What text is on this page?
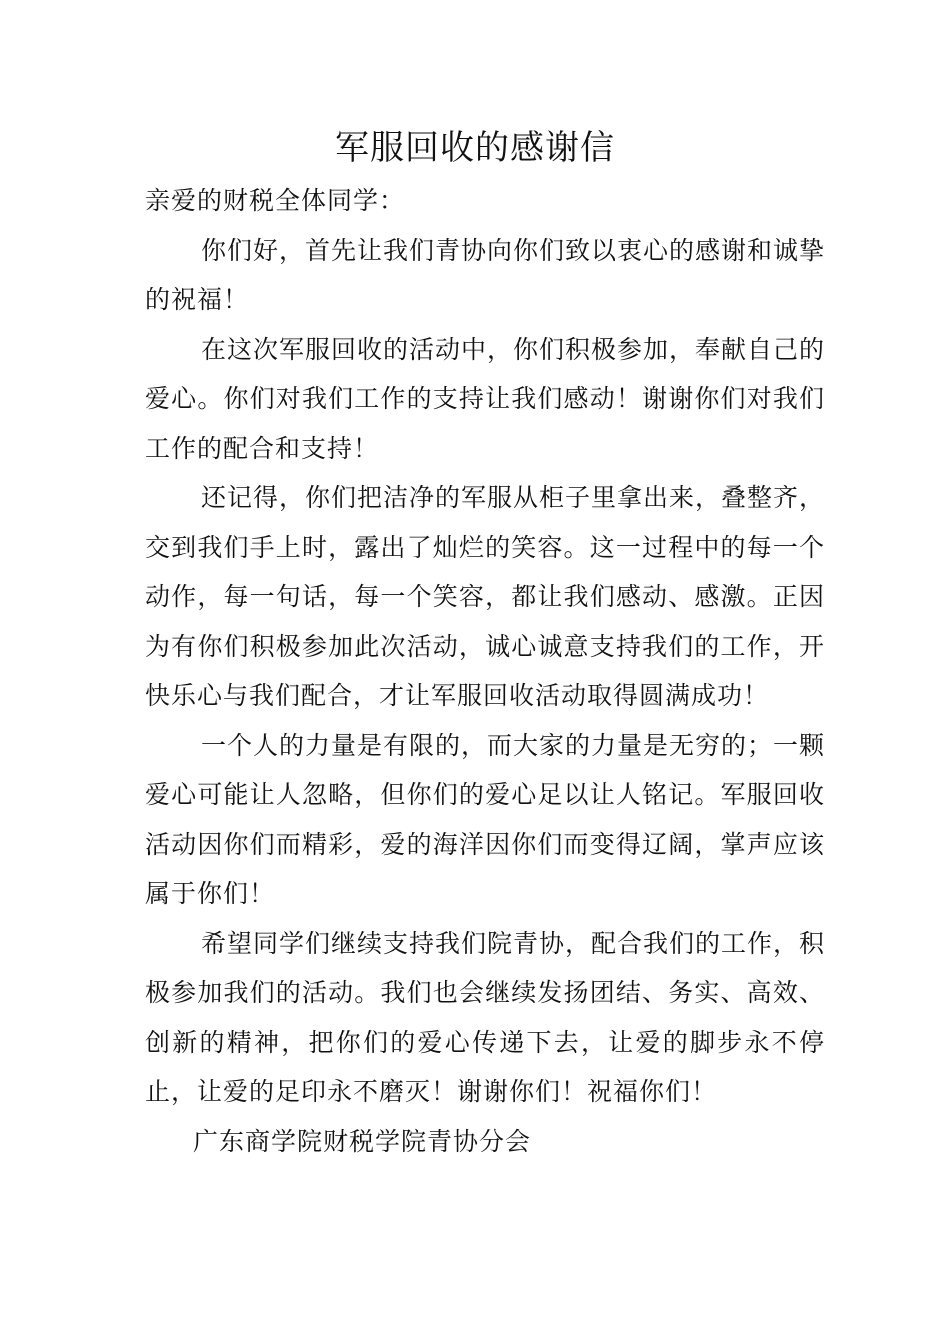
军服回收的感谢信

亲爱的财税全体同学：

你们好，首先让我们青协向你们致以衷心的感谢和诚挚的祝福！

在这次军服回收的活动中，你们积极参加，奉献自己的爱心。你们对我们工作的支持让我们感动！谢谢你们对我们工作的配合和支持！

还记得，你们把洁净的军服从柜子里拿出来，叠整齐，交到我们手上时，露出了灿烂的笑容。这一过程中的每一个动作，每一句话，每一个笑容，都让我们感动、感激。正因为有你们积极参加此次活动，诚心诚意支持我们的工作，开快乐心与我们配合，才让军服回收活动取得圆满成功！

一个人的力量是有限的，而大家的力量是无穷的；一颗爱心可能让人忽略，但你们的爱心足以让人铭记。军服回收活动因你们而精彩，爱的海洋因你们而变得辽阔，掌声应该属于你们！

希望同学们继续支持我们院青协，配合我们的工作，积极参加我们的活动。我们也会继续发扬团结、务实、高效、创新的精神，把你们的爱心传递下去，让爱的脚步永不停止，让爱的足印永不磨灭！谢谢你们！祝福你们！

广东商学院财税学院青协分会
